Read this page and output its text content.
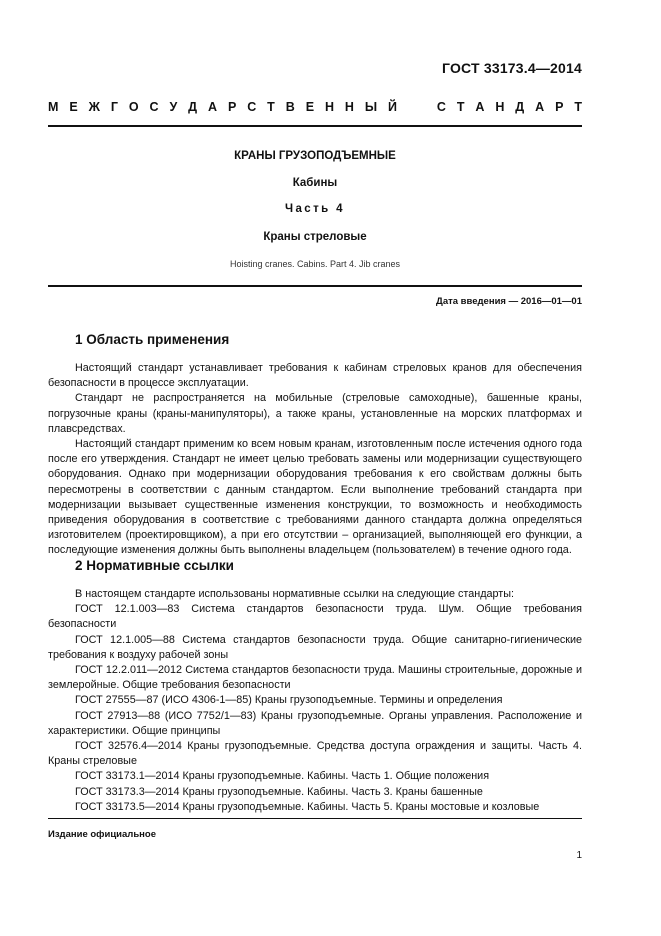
ГОСТ 33173.4—2014
М Е Ж Г О С У Д А Р С Т В Е Н Н Ы Й	С Т А Н Д А Р Т
КРАНЫ ГРУЗОПОДЪЕМНЫЕ
Кабины
Часть 4
Краны стреловые
Hoisting cranes. Cabins. Part 4. Jib cranes
Дата введения — 2016—01—01
1 Область применения

Настоящий стандарт устанавливает требования к кабинам стреловых кранов для обеспечения безопасности в процессе эксплуатации.

Стандарт не распространяется на мобильные (стреловые самоходные), башенные краны, погрузочные краны (краны-манипуляторы), а также краны, установленные на морских платформах и плавсредствах.

Настоящий стандарт применим ко всем новым кранам, изготовленным после истечения одного года после его утверждения. Стандарт не имеет целью требовать замены или модернизации существующего оборудования. Однако при модернизации оборудования требования к его свойствам должны быть пересмотрены в соответствии с данным стандартом. Если выполнение требований стандарта при модернизации вызывает существенные изменения конструкции, то возможность и необходимость приведения оборудования в соответствие с требованиями данного стандарта должна определяться изготовителем (проектировщиком), а при его отсутствии – организацией, выполняющей его функции, а последующие изменения должны быть выполнены владельцем (пользователем) в течение одного года.

2 Нормативные ссылки

В настоящем стандарте использованы нормативные ссылки на следующие стандарты:

ГОСТ 12.1.003—83 Система стандартов безопасности труда. Шум. Общие требования безопасности

ГОСТ 12.1.005—88 Система стандартов безопасности труда. Общие санитарно-гигиенические требования к воздуху рабочей зоны

ГОСТ 12.2.011—2012 Система стандартов безопасности труда. Машины строительные, дорожные и землеройные. Общие требования безопасности

ГОСТ 27555—87 (ИСО 4306-1—85) Краны грузоподъемные. Термины и определения

ГОСТ 27913—88 (ИСО 7752/1—83) Краны грузоподъемные. Органы управления. Расположение и характеристики. Общие принципы

ГОСТ 32576.4—2014 Краны грузоподъемные. Средства доступа ограждения и защиты. Часть 4. Краны стреловые

ГОСТ 33173.1—2014 Краны грузоподъемные. Кабины. Часть 1. Общие положения

ГОСТ 33173.3—2014 Краны грузоподъемные. Кабины. Часть 3. Краны башенные

ГОСТ 33173.5—2014 Краны грузоподъемные. Кабины. Часть 5. Краны мостовые и козловые

Издание официальное
1
